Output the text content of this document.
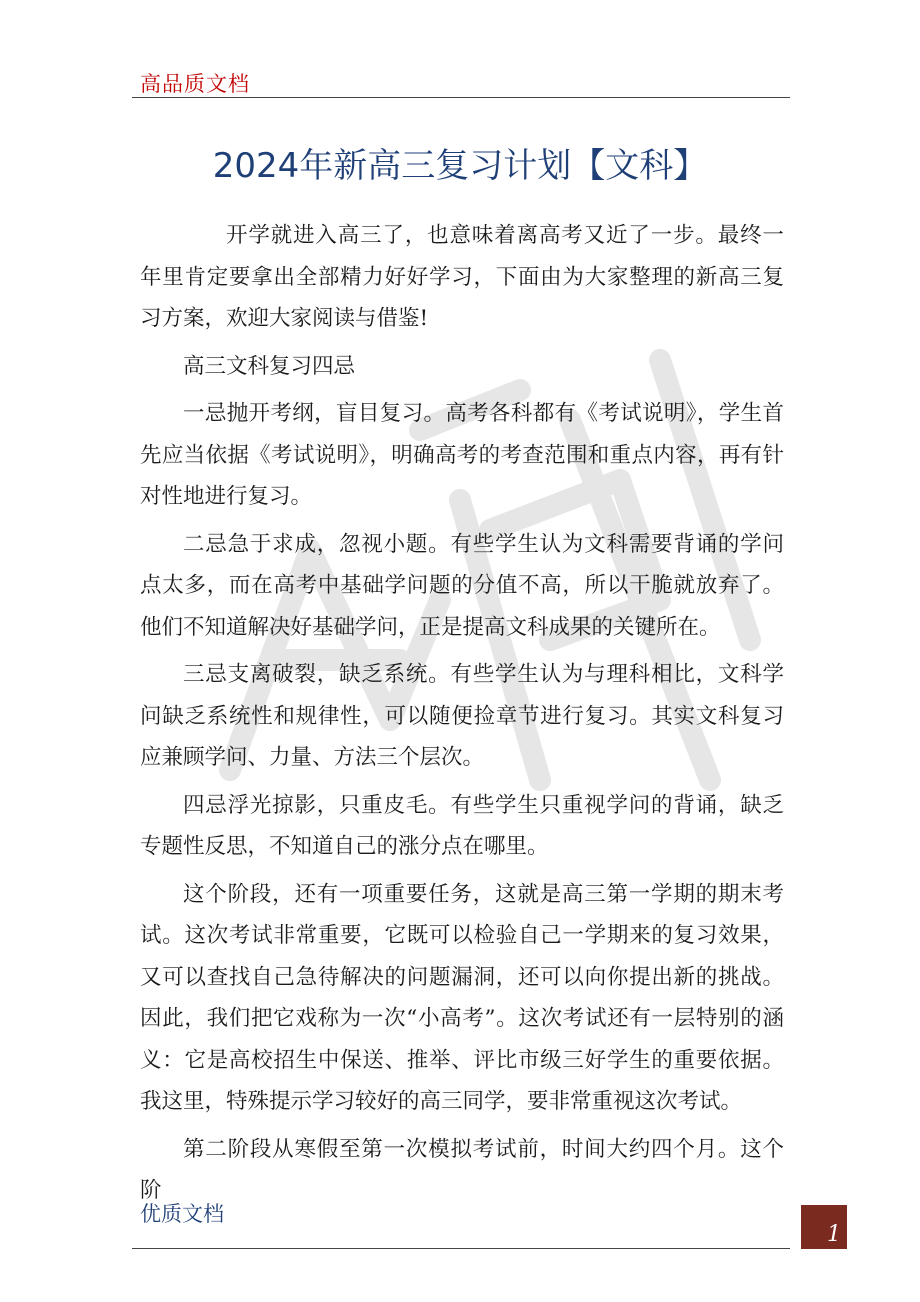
高品质文档
2024年新高三复习计划【文科】

开学就进入高三了，也意味着离高考又近了一步。最终一年里肯定要拿出全部精力好好学习，下面由为大家整理的新高三复习方案，欢迎大家阅读与借鉴!

高三文科复习四忌

一忌抛开考纲，盲目复习。高考各科都有《考试说明》，学生首先应当依据《考试说明》，明确高考的考查范围和重点内容，再有针对性地进行复习。

二忌急于求成，忽视小题。有些学生认为文科需要背诵的学问点太多，而在高考中基础学问题的分值不高，所以干脆就放弃了。他们不知道解决好基础学问，正是提高文科成果的关键所在。

三忌支离破裂，缺乏系统。有些学生认为与理科相比，文科学问缺乏系统性和规律性，可以随便捡章节进行复习。其实文科复习应兼顾学问、力量、方法三个层次。

四忌浮光掠影，只重皮毛。有些学生只重视学问的背诵，缺乏专题性反思，不知道自己的涨分点在哪里。

这个阶段，还有一项重要任务，这就是高三第一学期的期末考试。这次考试非常重要，它既可以检验自己一学期来的复习效果，又可以查找自己急待解决的问题漏洞，还可以向你提出新的挑战。因此，我们把它戏称为一次“小高考”。这次考试还有一层特别的涵义：它是高校招生中保送、推举、评比市级三好学生的重要依据。我这里，特殊提示学习较好的高三同学，要非常重视这次考试。

第二阶段从寒假至第一次模拟考试前，时间大约四个月。这个阶

优质文档
1
